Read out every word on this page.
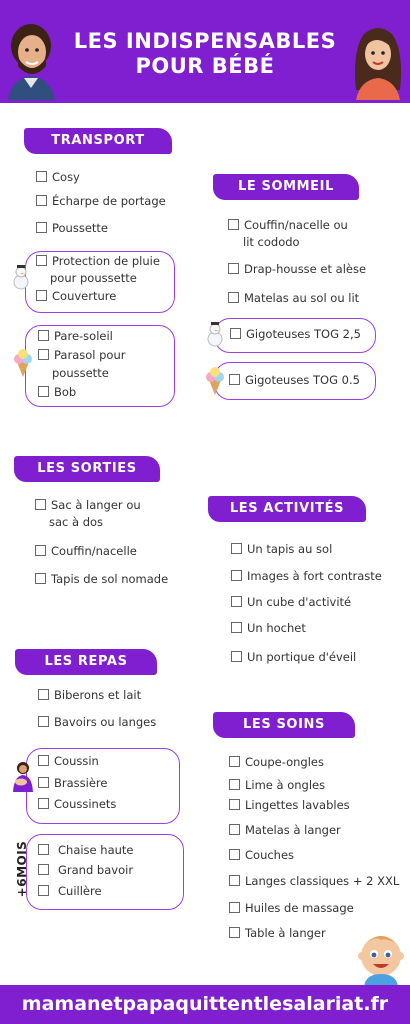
LES INDISPENSABLES
POUR BÉBÉ
TRANSPORT
Cosy
Écharpe de portage
Poussette
Protection de pluie
pour poussette
Couverture
Pare-soleil
Parasol pour
poussette
Bob
LE SOMMEIL
Couffin/nacelle ou
lit cododo
Drap-housse et alèse
Matelas au sol ou lit
Gigoteuses TOG 2,5
Gigoteuses TOG 0.5
LES SORTIES
Sac à langer ou
sac à dos
Couffin/nacelle
Tapis de sol nomade
LES ACTIVITÉS
Un tapis au sol
Images à fort contraste
Un cube d'activité
Un hochet
Un portique d'éveil
LES REPAS
Biberons et lait
Bavoirs ou langes
Coussin
Brassière
Coussinets
+6MOIS	Chaise haute
Grand bavoir
Cuillère
LES SOINS
Coupe-ongles
Lime à ongles
Lingettes lavables
Matelas à langer
Couches
Langes classiques + 2 XXL
Huiles de massage
Table à langer
mamanetpapaquittentlesalariat.fr
